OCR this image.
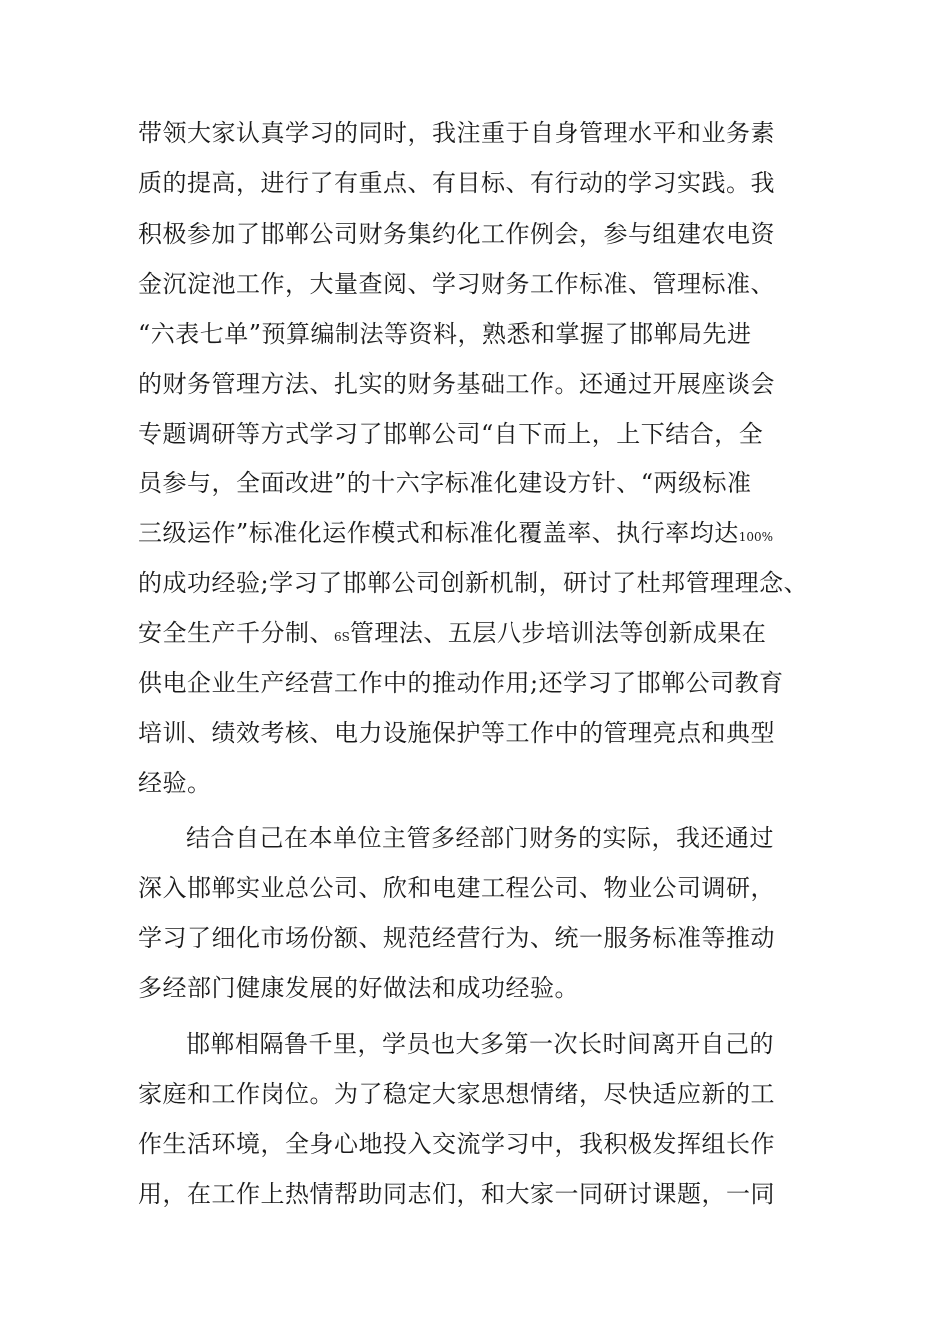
带领大家认真学习的同时，我注重于自身管理水平和业务素

质的提高，进行了有重点、有目标、有行动的学习实践。我

积极参加了邯郸公司财务集约化工作例会，参与组建农电资

金沉淀池工作，大量查阅、学习财务工作标准、管理标准、

“六表七单”预算编制法等资料，熟悉和掌握了邯郸局先进

的财务管理方法、扎实的财务基础工作。还通过开展座谈会

专题调研等方式学习了邯郸公司“自下而上，上下结合，全

员参与，全面改进”的十六字标准化建设方针、“两级标准

三级运作”标准化运作模式和标准化覆盖率、执行率均达100%

的成功经验;学习了邯郸公司创新机制，研讨了杜邦管理理念、

安全生产千分制、6S管理法、五层八步培训法等创新成果在

供电企业生产经营工作中的推动作用;还学习了邯郸公司教育

培训、绩效考核、电力设施保护等工作中的管理亮点和典型

经验。

结合自己在本单位主管多经部门财务的实际，我还通过

深入邯郸实业总公司、欣和电建工程公司、物业公司调研，

学习了细化市场份额、规范经营行为、统一服务标准等推动

多经部门健康发展的好做法和成功经验。

邯郸相隔鲁千里，学员也大多第一次长时间离开自己的

家庭和工作岗位。为了稳定大家思想情绪，尽快适应新的工

作生活环境，全身心地投入交流学习中，我积极发挥组长作

用，在工作上热情帮助同志们，和大家一同研讨课题，一同
